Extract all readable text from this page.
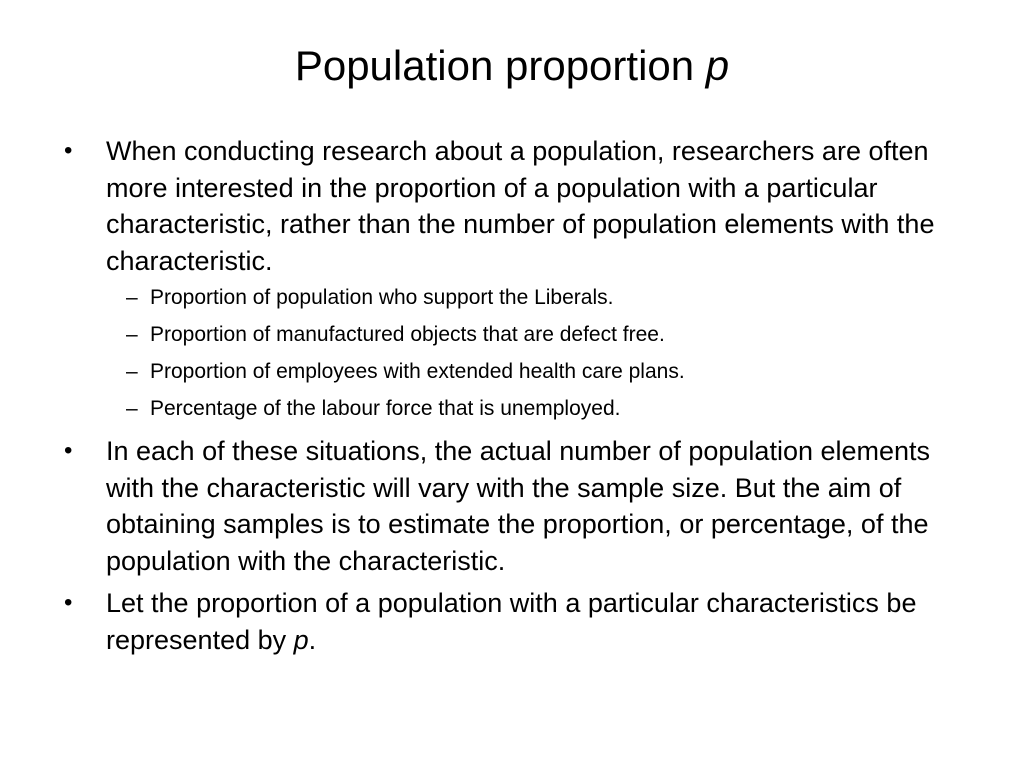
Population proportion p
• When conducting research about a population, researchers are often more interested in the proportion of a population with a particular characteristic, rather than the number of population elements with the characteristic.
– Proportion of population who support the Liberals.
– Proportion of manufactured objects that are defect free.
– Proportion of employees with extended health care plans.
– Percentage of the labour force that is unemployed.
• In each of these situations, the actual number of population elements with the characteristic will vary with the sample size. But the aim of obtaining samples is to estimate the proportion, or percentage, of the population with the characteristic.
• Let the proportion of a population with a particular characteristics be represented by p.
